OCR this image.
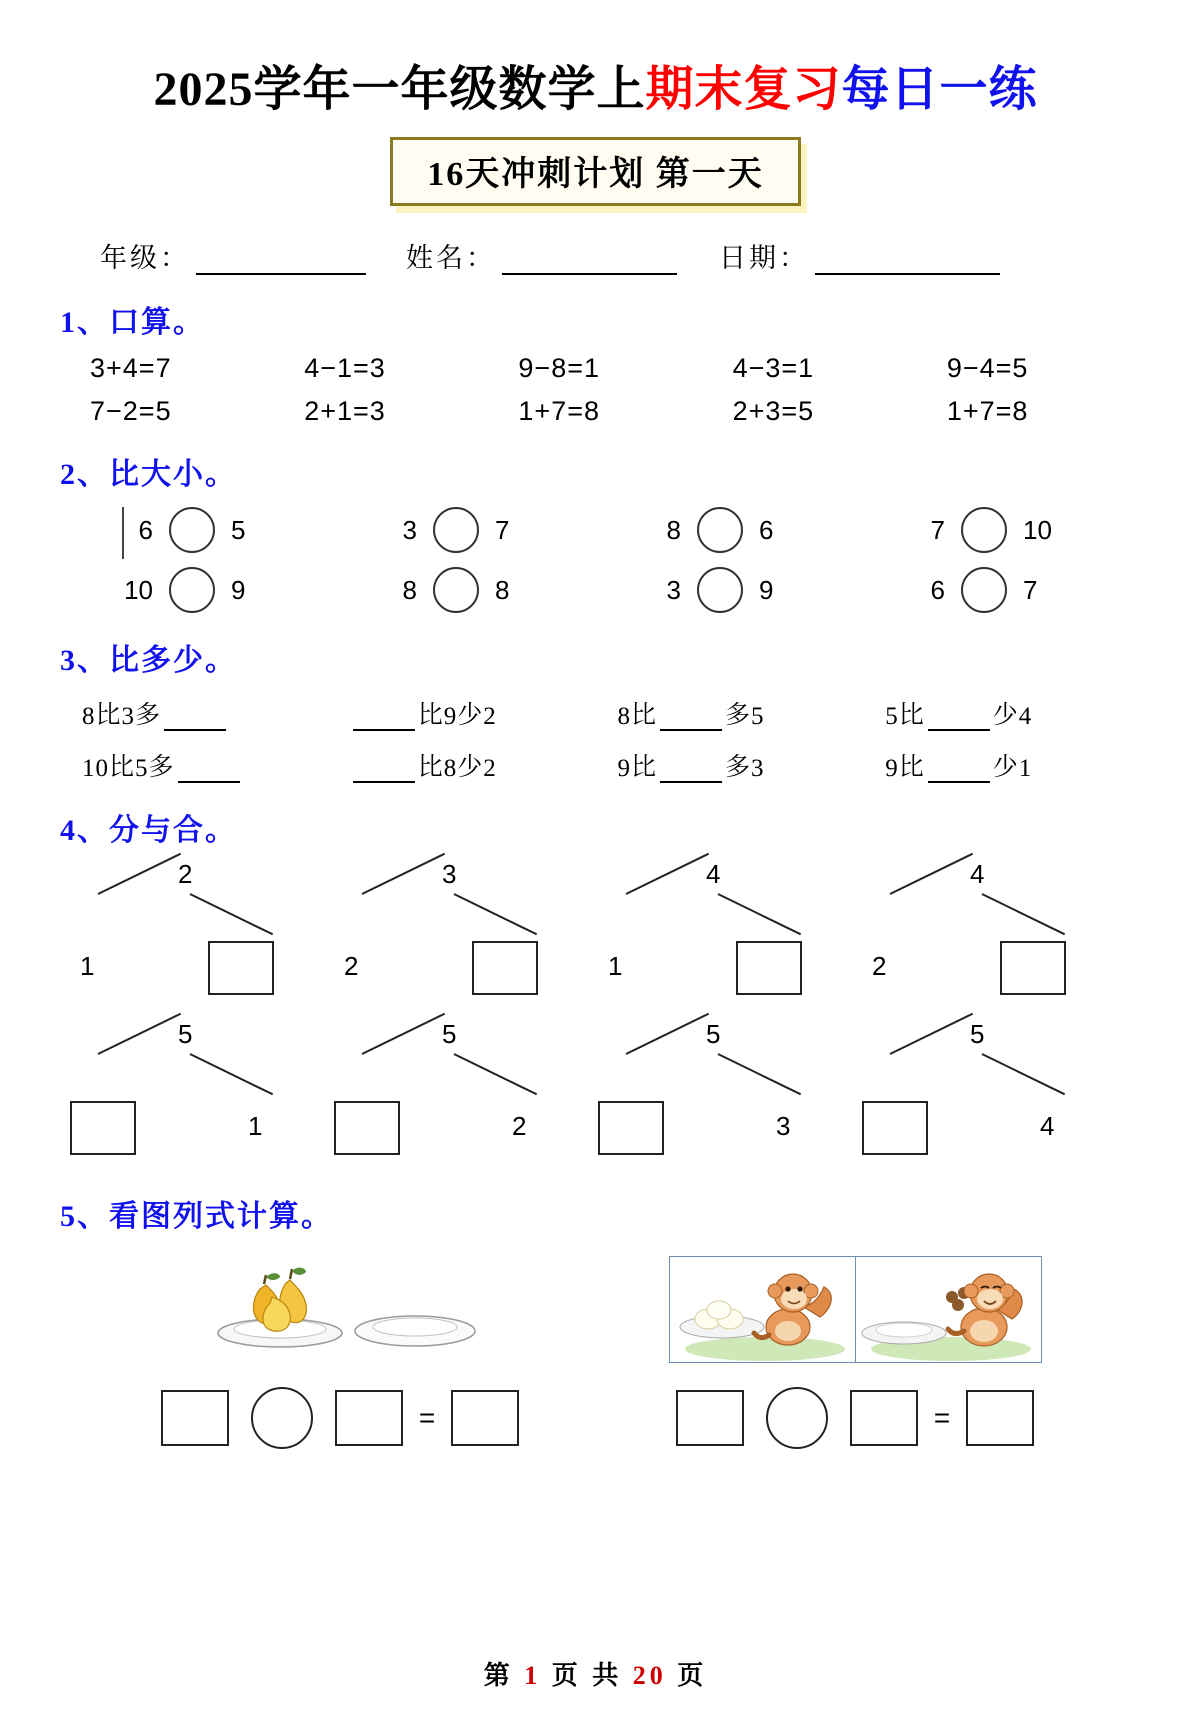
2025学年一年级数学上期末复习每日一练
16天冲刺计划 第一天
年级：	姓名：	日期：
1、口算。
3+4=7	4−1=3	9−8=1	4−3=1	9−4=5
7−2=5	2+1=3	1+7=8	2+3=5	1+7=8
2、比大小。
6	5	3	7	8	6	7	10
10	9	8	8	3	9	6	7
3、比多少。
8 比 3 多	比 9 少 2	8 比	多 5	5 比	少 4
10 比 5 多	比 8 少 2	9 比	多 3	9 比	少 1
4、分与合。
2
1
3
2
4
1
4
2
5
1
5
2
5
3
5
4
5、看图列式计算。
=	=
第 1 页 共 20 页
